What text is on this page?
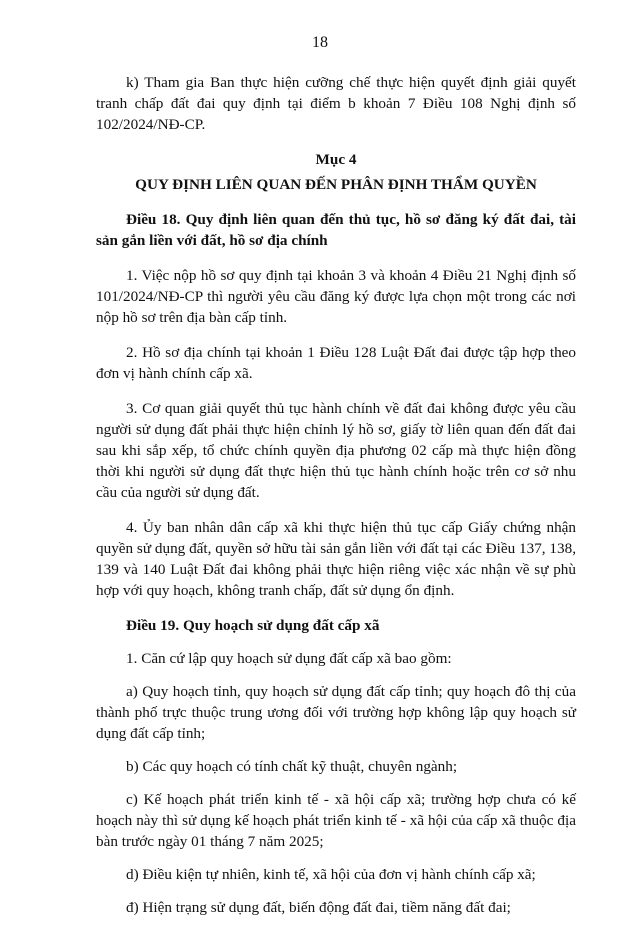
18

k) Tham gia Ban thực hiện cưỡng chế thực hiện quyết định giải quyết tranh chấp đất đai quy định tại điểm b khoản 7 Điều 108 Nghị định số 102/2024/NĐ-CP.

Mục 4

QUY ĐỊNH LIÊN QUAN ĐẾN PHÂN ĐỊNH THẨM QUYỀN

Điều 18. Quy định liên quan đến thủ tục, hồ sơ đăng ký đất đai, tài sản gắn liền với đất, hồ sơ địa chính

1. Việc nộp hồ sơ quy định tại khoản 3 và khoản 4 Điều 21 Nghị định số 101/2024/NĐ-CP thì người yêu cầu đăng ký được lựa chọn một trong các nơi nộp hồ sơ trên địa bàn cấp tỉnh.

2. Hồ sơ địa chính tại khoản 1 Điều 128 Luật Đất đai được tập hợp theo đơn vị hành chính cấp xã.

3. Cơ quan giải quyết thủ tục hành chính về đất đai không được yêu cầu người sử dụng đất phải thực hiện chỉnh lý hồ sơ, giấy tờ liên quan đến đất đai sau khi sắp xếp, tổ chức chính quyền địa phương 02 cấp mà thực hiện đồng thời khi người sử dụng đất thực hiện thủ tục hành chính hoặc trên cơ sở nhu cầu của người sử dụng đất.

4. Ủy ban nhân dân cấp xã khi thực hiện thủ tục cấp Giấy chứng nhận quyền sử dụng đất, quyền sở hữu tài sản gắn liền với đất tại các Điều 137, 138, 139 và 140 Luật Đất đai không phải thực hiện riêng việc xác nhận về sự phù hợp với quy hoạch, không tranh chấp, đất sử dụng ổn định.

Điều 19. Quy hoạch sử dụng đất cấp xã

1. Căn cứ lập quy hoạch sử dụng đất cấp xã bao gồm:

a) Quy hoạch tỉnh, quy hoạch sử dụng đất cấp tỉnh; quy hoạch đô thị của thành phố trực thuộc trung ương đối với trường hợp không lập quy hoạch sử dụng đất cấp tỉnh;

b) Các quy hoạch có tính chất kỹ thuật, chuyên ngành;

c) Kế hoạch phát triển kinh tế - xã hội cấp xã; trường hợp chưa có kế hoạch này thì sử dụng kế hoạch phát triển kinh tế - xã hội của cấp xã thuộc địa bàn trước ngày 01 tháng 7 năm 2025;

d) Điều kiện tự nhiên, kinh tế, xã hội của đơn vị hành chính cấp xã;

đ) Hiện trạng sử dụng đất, biến động đất đai, tiềm năng đất đai;
